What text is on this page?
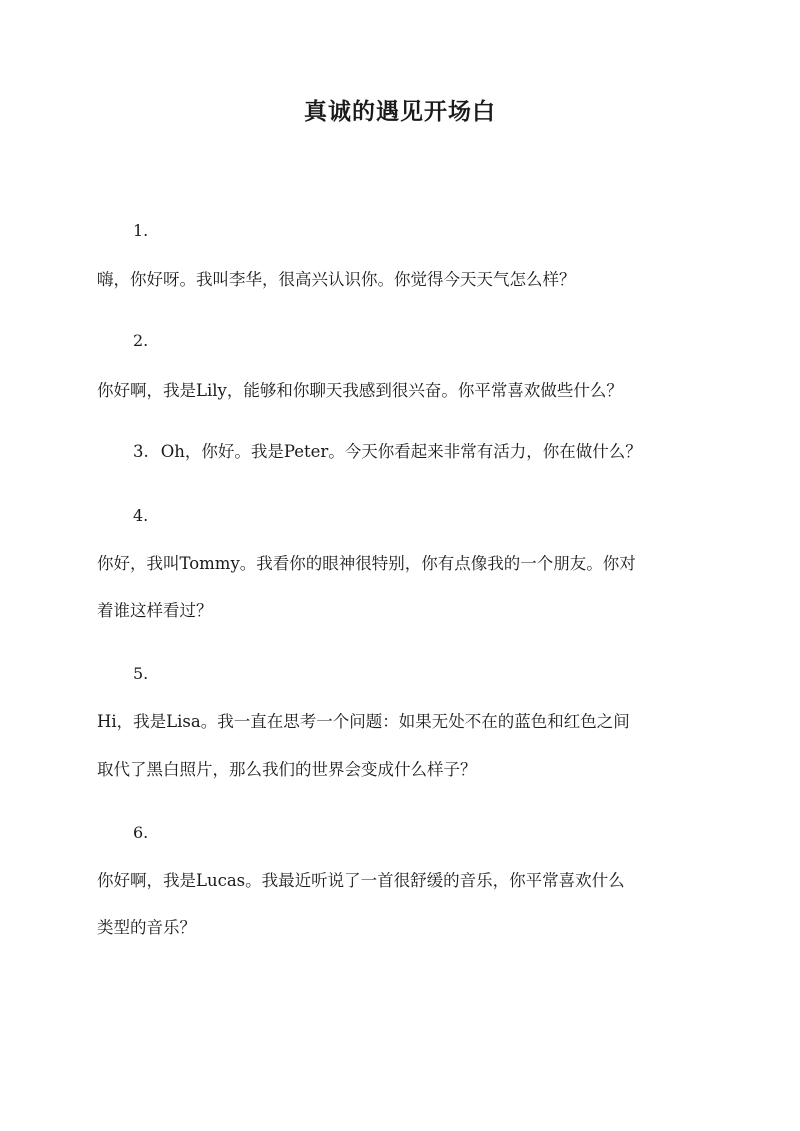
真诚的遇见开场白
1.
嗨，你好呀。我叫李华，很高兴认识你。你觉得今天天气怎么样？
2.
你好啊，我是Lily，能够和你聊天我感到很兴奋。你平常喜欢做些什么？
3. Oh，你好。我是Peter。今天你看起来非常有活力，你在做什么？
4.
你好，我叫Tommy。我看你的眼神很特别，你有点像我的一个朋友。你对
着谁这样看过？
5.
Hi，我是Lisa。我一直在思考一个问题：如果无处不在的蓝色和红色之间
取代了黑白照片，那么我们的世界会变成什么样子？
6.
你好啊，我是Lucas。我最近听说了一首很舒缓的音乐，你平常喜欢什么
类型的音乐？
